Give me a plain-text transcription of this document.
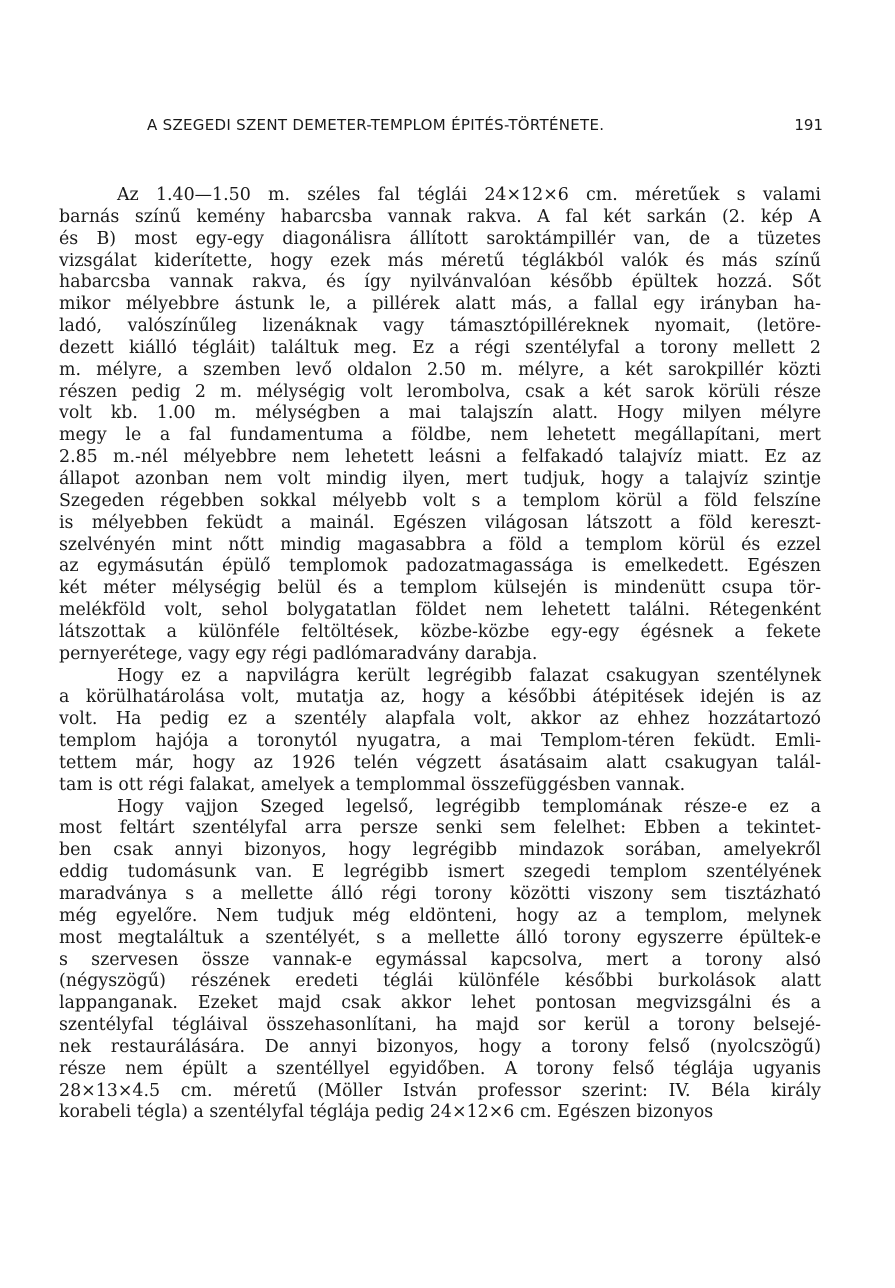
A SZEGEDI SZENT DEMETER-TEMPLOM ÉPITÉS-TÖRTÉNETE.	191
Az 1.40—1.50 m. széles fal téglái 24×12×6 cm. méretűek s valami
barnás színű kemény habarcsba vannak rakva. A fal két sarkán (2. kép A
és B) most egy-egy diagonálisra állított saroktámpillér van, de a tüzetes
vizsgálat kiderítette, hogy ezek más méretű téglákból valók és más színű
habarcsba vannak rakva, és így nyilvánvalóan később épültek hozzá. Sőt
mikor mélyebbre ástunk le, a pillérek alatt más, a fallal egy irányban ha-
ladó, valószínűleg lizenáknak vagy támasztópilléreknek nyomait, (letöre-
dezett kiálló tégláit) találtuk meg. Ez a régi szentélyfal a torony mellett 2
m. mélyre, a szemben levő oldalon 2.50 m. mélyre, a két sarokpillér közti
részen pedig 2 m. mélységig volt lerombolva, csak a két sarok körüli része
volt kb. 1.00 m. mélységben a mai talajszín alatt. Hogy milyen mélyre
megy le a fal fundamentuma a földbe, nem lehetett megállapítani, mert
2.85 m.-nél mélyebbre nem lehetett leásni a felfakadó talajvíz miatt. Ez az
állapot azonban nem volt mindig ilyen, mert tudjuk, hogy a talajvíz szintje
Szegeden régebben sokkal mélyebb volt s a templom körül a föld felszíne
is mélyebben feküdt a mainál. Egészen világosan látszott a föld kereszt-
szelvényén mint nőtt mindig magasabbra a föld a templom körül és ezzel
az egymásután épülő templomok padozatmagassága is emelkedett. Egészen
két méter mélységig belül és a templom külsején is mindenütt csupa tör-
melékföld volt, sehol bolygatatlan földet nem lehetett találni. Rétegenként
látszottak a különféle feltöltések, közbe-közbe egy-egy égésnek a fekete
pernyerétege, vagy egy régi padlómaradvány darabja.
Hogy ez a napvilágra került legrégibb falazat csakugyan szentélynek
a körülhatárolása volt, mutatja az, hogy a későbbi átépitések idején is az
volt. Ha pedig ez a szentély alapfala volt, akkor az ehhez hozzátartozó
templom hajója a toronytól nyugatra, a mai Templom-téren feküdt. Emli-
tettem már, hogy az 1926 telén végzett ásatásaim alatt csakugyan talál-
tam is ott régi falakat, amelyek a templommal összefüggésben vannak.
Hogy vajjon Szeged legelső, legrégibb templomának része-e ez a
most feltárt szentélyfal arra persze senki sem felelhet: Ebben a tekintet-
ben csak annyi bizonyos, hogy legrégibb mindazok sorában, amelyekről
eddig tudomásunk van. E legrégibb ismert szegedi templom szentélyének
maradványa s a mellette álló régi torony közötti viszony sem tisztázható
még egyelőre. Nem tudjuk még eldönteni, hogy az a templom, melynek
most megtaláltuk a szentélyét, s a mellette álló torony egyszerre épültek-e
s szervesen össze vannak-e egymással kapcsolva, mert a torony alsó
(négyszögű) részének eredeti téglái különféle későbbi burkolások alatt
lappanganak. Ezeket majd csak akkor lehet pontosan megvizsgálni és a
szentélyfal tégláival összehasonlítani, ha majd sor kerül a torony belsejé-
nek restaurálására. De annyi bizonyos, hogy a torony felső (nyolcszögű)
része nem épült a szentéllyel egyidőben. A torony felső téglája ugyanis
28×13×4.5 cm. méretű (Möller István professor szerint: IV. Béla király
korabeli tégla) a szentélyfal téglája pedig 24×12×6 cm. Egészen bizonyos
